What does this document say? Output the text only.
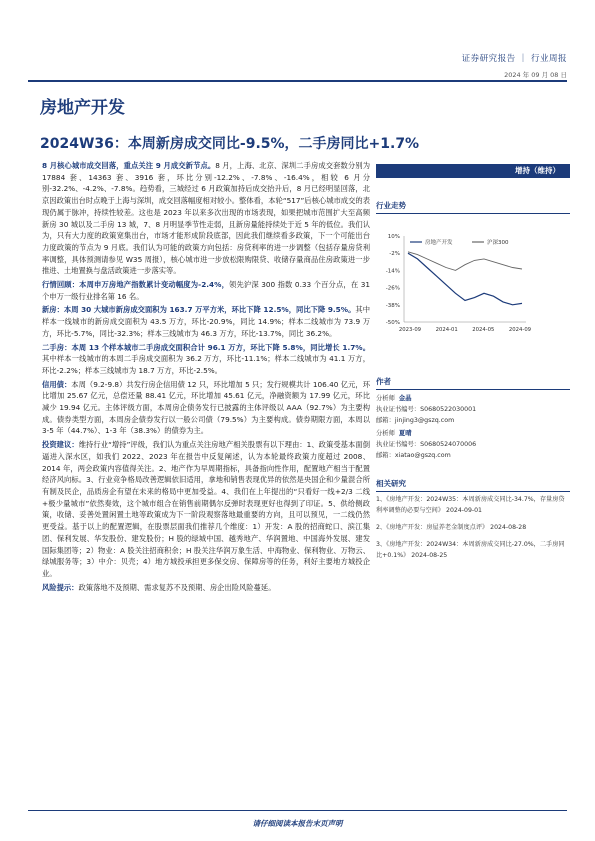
证券研究报告 ｜ 行业周报
2024 年 09 月 08 日
房地产开发
2024W36：本周新房成交同比-9.5%，二手房同比+1.7%

8 月核心城市成交回落，重点关注 9 月成交新节点。8 月，上海、北京、深圳二手房成交套数分别为 17884 套、14363 套、3916 套，环比分别-12.2%、-7.8%、-16.4%，相较 6 月分别-32.2%、-4.2%、-7.8%。趋势看，三城经过 6 月政策加持后成交抬升后，8 月已经明显回落，北京因政策出台时点晚于上海与深圳，成交回落幅度相对较小。整体看，本轮“517”后核心城市成交的表现仍属于脉冲，持续性较差。这也是 2023 年以来多次出现的市场表现，如果把城市范围扩大至高频新房 30 城以及二手房 13 城，7、8 月明显季节性走弱，且新房量能持续处于近 5 年的低位。我们认为，只有大力度的政策宽集出台，市场才能形成阶段底部，因此我们继续看多政策，下一个可能出台力度政策的节点为 9 月底。我们认为可能的政策方向包括：房贷利率的进一步调整（包括存量房贷利率调整，具体预测请参见 W35 周报），核心城市进一步放松限购限贷、收储存量商品住房政策进一步推进、土地置换与盘活政策进一步落实等。

行情回顾：本周申万房地产指数累计变动幅度为-2.4%，领先沪深 300 指数 0.33 个百分点，在 31 个申万一级行业排名第 16 名。

新房：本周 30 大城市新房成交面积为 163.7 万平方米，环比下降 12.5%，同比下降 9.5%。其中样本一线城市的新房成交面积为 43.5 万方，环比-20.9%，同比 14.9%；样本二线城市为 73.9 万方，环比-5.7%，同比-32.3%；样本三线城市为 46.3 万方，环比-13.7%，同比 36.2%。

二手房：本周 13 个样本城市二手房成交面积合计 96.1 万方，环比下降 5.8%，同比增长 1.7%。其中样本一线城市的本周二手房成交面积为 36.2 万方，环比-11.1%；样本二线城市为 41.1 万方，环比-2.2%；样本三线城市为 18.7 万方，环比-2.5%。

信用债：本周（9.2-9.8）共发行房企信用债 12 只，环比增加 5 只；发行规模共计 106.40 亿元，环比增加 25.67 亿元，总偿还量 88.41 亿元，环比增加 45.61 亿元，净融资额为 17.99 亿元，环比减少 19.94 亿元。主体评级方面，本周房企债务发行已披露的主体评级以 AAA（92.7%）为主要构成。债券类型方面，本周房企债券发行以一般公司债（79.5%）为主要构成。债券期限方面，本周以 3-5 年（44.7%）、1-3 年（38.3%）的债券为主。

投资建议：维持行业“增持”评级，我们认为重点关注房地产相关股票有以下理由：1、政策受基本面倒逼进入深水区，如我们 2022、2023 年在报告中反复阐述，认为本轮最终政策力度超过 2008、2014 年，两会政策内容值得关注。2、地产作为早周期指标，具备指向性作用，配置地产相当于配置经济风向标。3、行业竞争格局改善逻辑依旧适用，拿地和销售表现优异的依然是央国企和少量混合所有制及民企，品质房企有望在未来的格局中更加受益。4、我们在上年提出的“只看好一线+2/3 二线+极少量城市”依然奏效，这个城市组合在销售前期偶尔反弹时表现更好也得到了印证。5、供给侧政策，收储、妥善处置闲置土地等政策成为下一阶段观察落地最重要的方向，且可以预见，一二线仍然更受益。基于以上的配置逻辑，在股票层面我们推荐几个维度：1）开发：A 股的招商蛇口、滨江集团、保利发展、华发股份、建发股份；H 股的绿城中国、越秀地产、华润置地、中国海外发展、建发国际集团等；2）物业：A 股关注招商积余；H 股关注华润万象生活、中海物业、保利物业、万物云、绿城服务等；3）中介：贝壳；4）地方城投承担更多保交房、保障房等的任务，利好主要地方城投企业。

风险提示：政策落地不及预期、需求复苏不及预期、房企出险风险蔓延。

增持（维持）
行业走势
10%
-2%
-14%
-26%
-38%
-50%
2023-09	2024-01	2024-05	2024-09
房地产开发	沪深300
作者
分析师 金晶
执业证书编号：S0680522030001
邮箱：jinjing3@gszq.com
分析师 夏晴
执业证书编号：S0680524070006
邮箱：xiatao@gszq.com
相关研究

1、《房地产开发：2024W35：本周新房成交同比-34.7%，存量房贷利率调整的必要与空间》 2024-09-01

2、《房地产开发：房屋养老金制度点评》 2024-08-28

3、《房地产开发：2024W34：本周新房成交同比-27.0%，二手房同比+0.1%》 2024-08-25

请仔细阅读本报告末页声明
